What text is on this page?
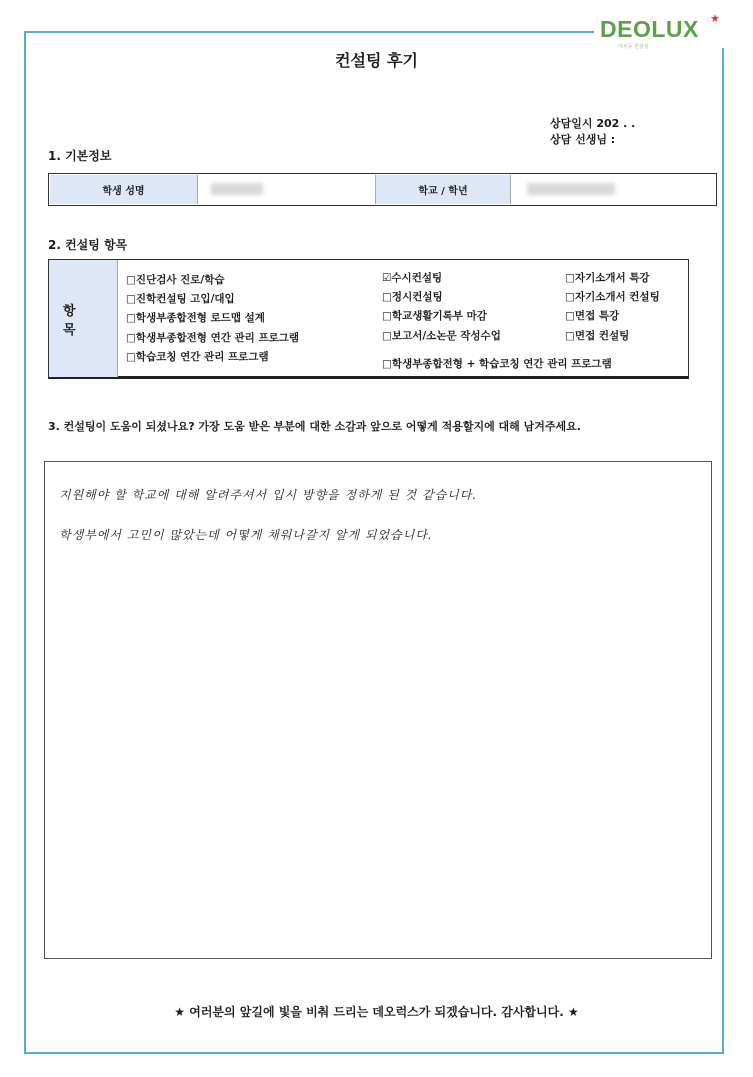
DEOLUX ★
대치동 컨설팅
컨설팅 후기
상담일시 202 . .
상담 선생님 :
1. 기본정보
학생 성명	학교 / 학년
2. 컨설팅 항목
항 목
□진단검사 진로/학습
□진학컨설팅 고입/대입
□학생부종합전형 로드맵 설계
□학생부종합전형 연간 관리 프로그램
□학습코칭 연간 관리 프로그램
☑수시컨설팅
□정시컨설팅
□학교생활기록부 마감
□보고서/소논문 작성수업
□자기소개서 특강
□자기소개서 컨설팅
□면접 특강
□면접 컨설팅
□학생부종합전형 + 학습코칭 연간 관리 프로그램
3. 컨설팅이 도움이 되셨나요? 가장 도움 받은 부분에 대한 소감과 앞으로 어떻게 적용할지에 대해 남겨주세요.
지원해야 할 학교에 대해 알려주셔서 입시 방향을 정하게 된 것 같습니다.
학생부에서 고민이 많았는데 어떻게 채워나갈지 알게 되었습니다.
★ 여러분의 앞길에 빛을 비춰 드리는 데오럭스가 되겠습니다. 감사합니다. ★
